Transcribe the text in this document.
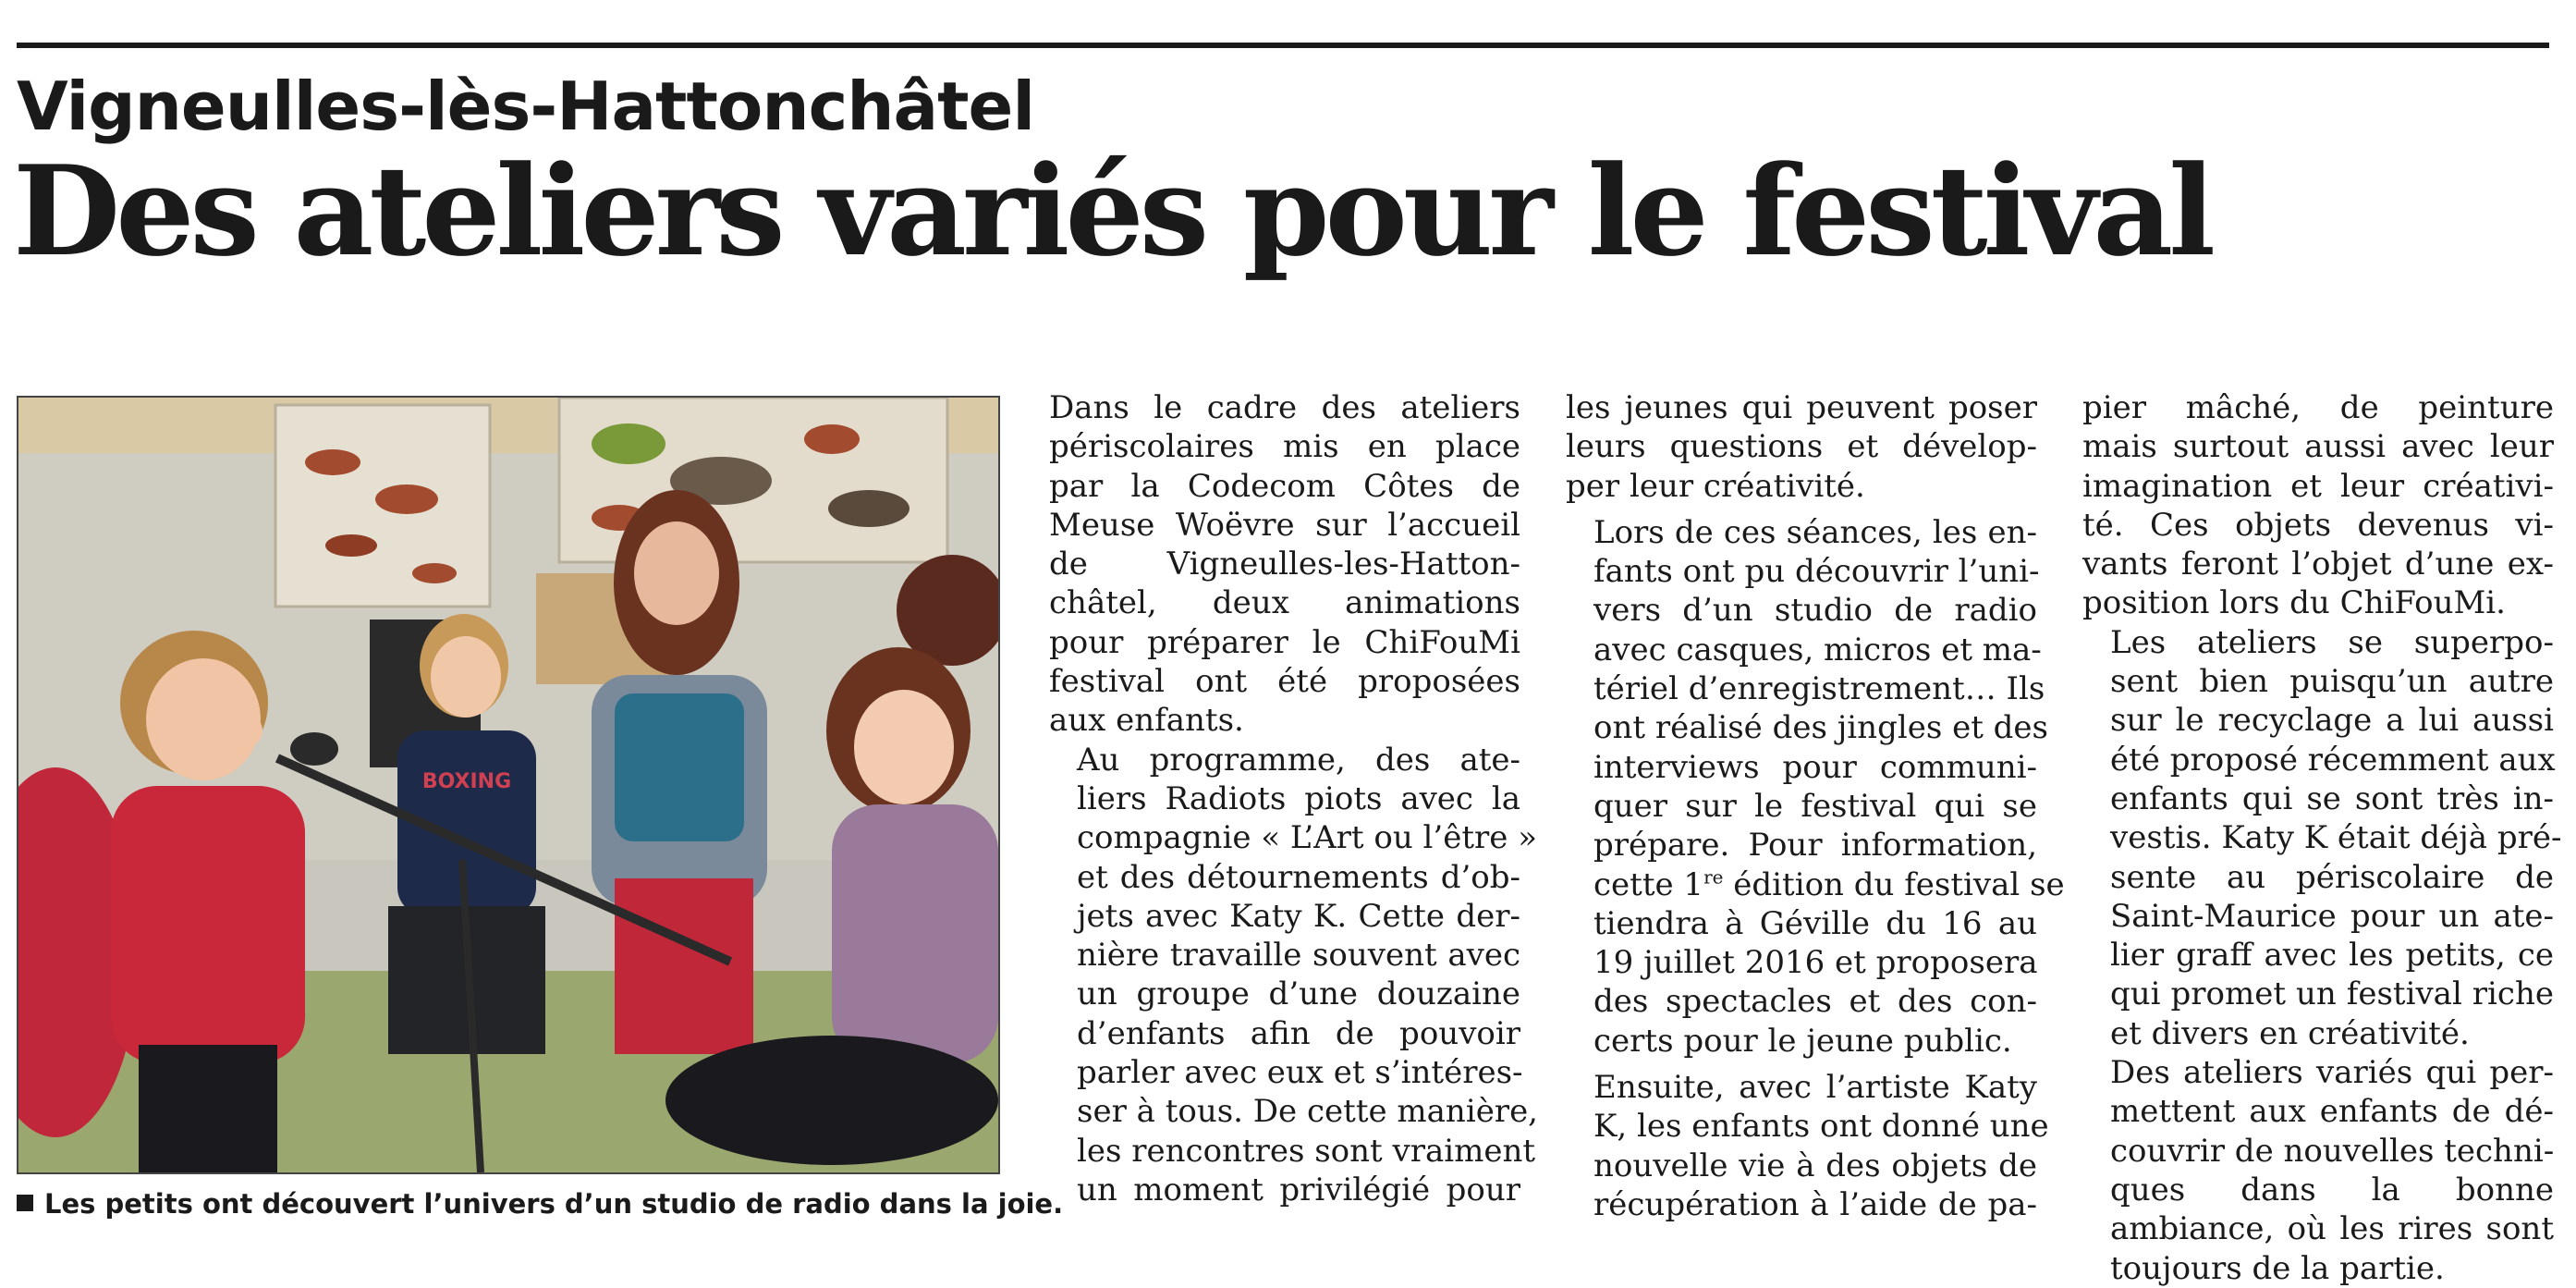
Vigneulles-lès-Hattonchâtel
Des ateliers variés pour le festival
BOXING
Les petits ont découvert l’univers d’un studio de radio dans la joie.

Dans le cadre des ateliers
périscolaires mis en place
par la Codecom Côtes de
Meuse Woëvre sur l’accueil
de Vigneulles-les-Hatton-
châtel, deux animations
pour préparer le ChiFouMi
festival ont été proposées
aux enfants.

Au programme, des ate-
liers Radiots piots avec la
compagnie « L’Art ou l’être »
et des détournements d’ob-
jets avec Katy K. Cette der-
nière travaille souvent avec
un groupe d’une douzaine
d’enfants afin de pouvoir
parler avec eux et s’intéres-
ser à tous. De cette manière,
les rencontres sont vraiment
un moment privilégié pour

les jeunes qui peuvent poser
leurs questions et dévelop-
per leur créativité.

Lors de ces séances, les en-
fants ont pu découvrir l’uni-
vers d’un studio de radio
avec casques, micros et ma-
tériel d’enregistrement… Ils
ont réalisé des jingles et des
interviews pour communi-
quer sur le festival qui se
prépare. Pour information,
cette 1re édition du festival se
tiendra à Géville du 16 au
19 juillet 2016 et proposera
des spectacles et des con-
certs pour le jeune public.

Ensuite, avec l’artiste Katy
K, les enfants ont donné une
nouvelle vie à des objets de
récupération à l’aide de pa-

pier mâché, de peinture
mais surtout aussi avec leur
imagination et leur créativi-
té. Ces objets devenus vi-
vants feront l’objet d’une ex-
position lors du ChiFouMi.

Les ateliers se superpo-
sent bien puisqu’un autre
sur le recyclage a lui aussi
été proposé récemment aux
enfants qui se sont très in-
vestis. Katy K était déjà pré-
sente au périscolaire de
Saint-Maurice pour un ate-
lier graff avec les petits, ce
qui promet un festival riche
et divers en créativité.

Des ateliers variés qui per-
mettent aux enfants de dé-
couvrir de nouvelles techni-
ques dans la bonne
ambiance, où les rires sont
toujours de la partie.
